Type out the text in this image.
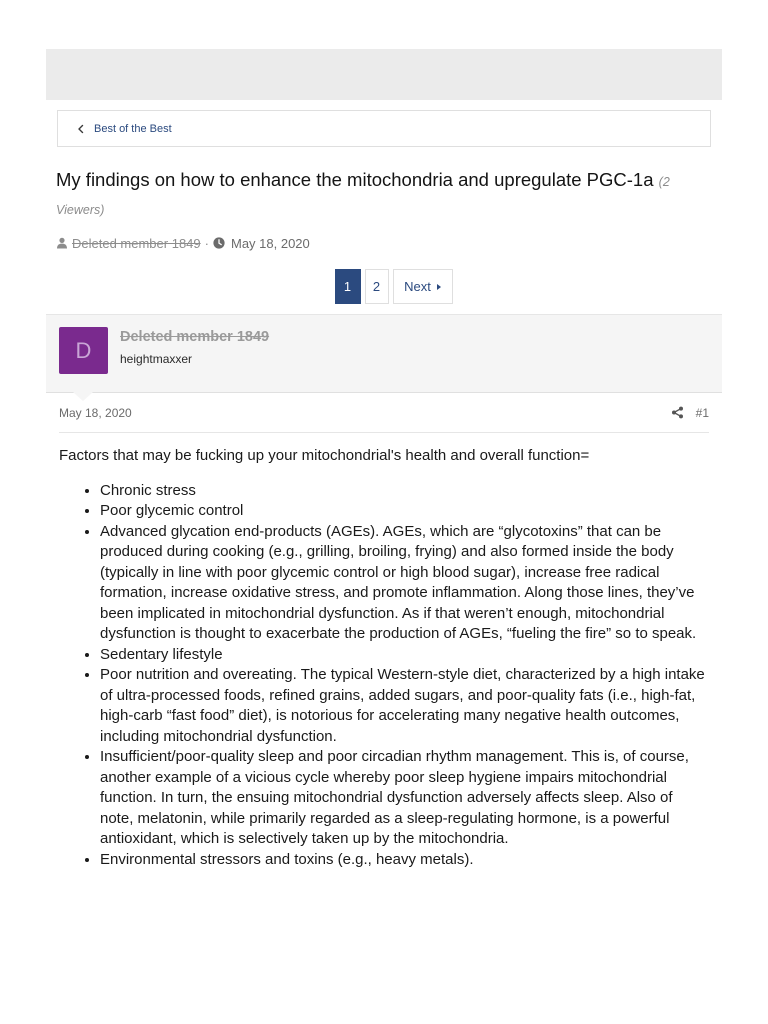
Best of the Best
My findings on how to enhance the mitochondria and upregulate PGC-1a (2 Viewers)
Deleted member 1849 · May 18, 2020
1	2	Next
D
Deleted member 1849
heightmaxxer
May 18, 2020	#1

Factors that may be fucking up your mitochondrial's health and overall function=

• Chronic stress
• Poor glycemic control
• Advanced glycation end-products (AGEs). AGEs, which are “glycotoxins” that can be produced during cooking (e.g., grilling, broiling, frying) and also formed inside the body (typically in line with poor glycemic control or high blood sugar), increase free radical formation, increase oxidative stress, and promote inflammation. Along those lines, they’ve been implicated in mitochondrial dysfunction. As if that weren’t enough, mitochondrial dysfunction is thought to exacerbate the production of AGEs, “fueling the fire” so to speak.
• Sedentary lifestyle
• Poor nutrition and overeating. The typical Western-style diet, characterized by a high intake of ultra-processed foods, refined grains, added sugars, and poor-quality fats (i.e., high-fat, high-carb “fast food” diet), is notorious for accelerating many negative health outcomes, including mitochondrial dysfunction.
• Insufficient/poor-quality sleep and poor circadian rhythm management. This is, of course, another example of a vicious cycle whereby poor sleep hygiene impairs mitochondrial function. In turn, the ensuing mitochondrial dysfunction adversely affects sleep. Also of note, melatonin, while primarily regarded as a sleep-regulating hormone, is a powerful antioxidant, which is selectively taken up by the mitochondria.
• Environmental stressors and toxins (e.g., heavy metals).
